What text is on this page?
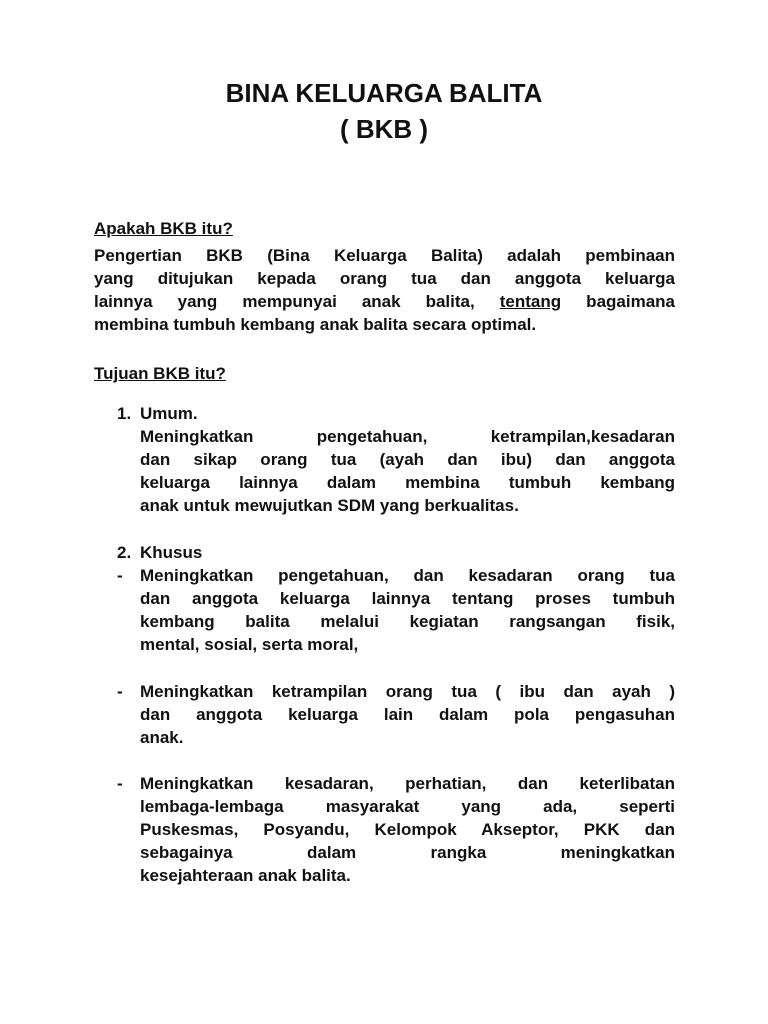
BINA KELUARGA BALITA
( BKB )
Apakah BKB itu?
Pengertian BKB (Bina Keluarga Balita) adalah pembinaan
yang ditujukan kepada orang tua dan anggota keluarga
lainnya yang mempunyai anak balita, tentang bagaimana
membina tumbuh kembang anak balita secara optimal.
Tujuan BKB itu?
1. Umum.
Meningkatkan pengetahuan, ketrampilan,kesadaran
dan sikap orang tua (ayah dan ibu) dan anggota
keluarga lainnya dalam membina tumbuh kembang
anak untuk mewujutkan SDM yang berkualitas.
2. Khusus
- Meningkatkan pengetahuan, dan kesadaran orang tua
dan anggota keluarga lainnya tentang proses tumbuh
kembang balita melalui kegiatan rangsangan fisik,
mental, sosial, serta moral,
- Meningkatkan ketrampilan orang tua ( ibu dan ayah )
dan anggota keluarga lain dalam pola pengasuhan
anak.
- Meningkatkan kesadaran, perhatian, dan keterlibatan
lembaga-lembaga masyarakat yang ada, seperti
Puskesmas, Posyandu, Kelompok Akseptor, PKK dan
sebagainya dalam rangka meningkatkan
kesejahteraan anak balita.
